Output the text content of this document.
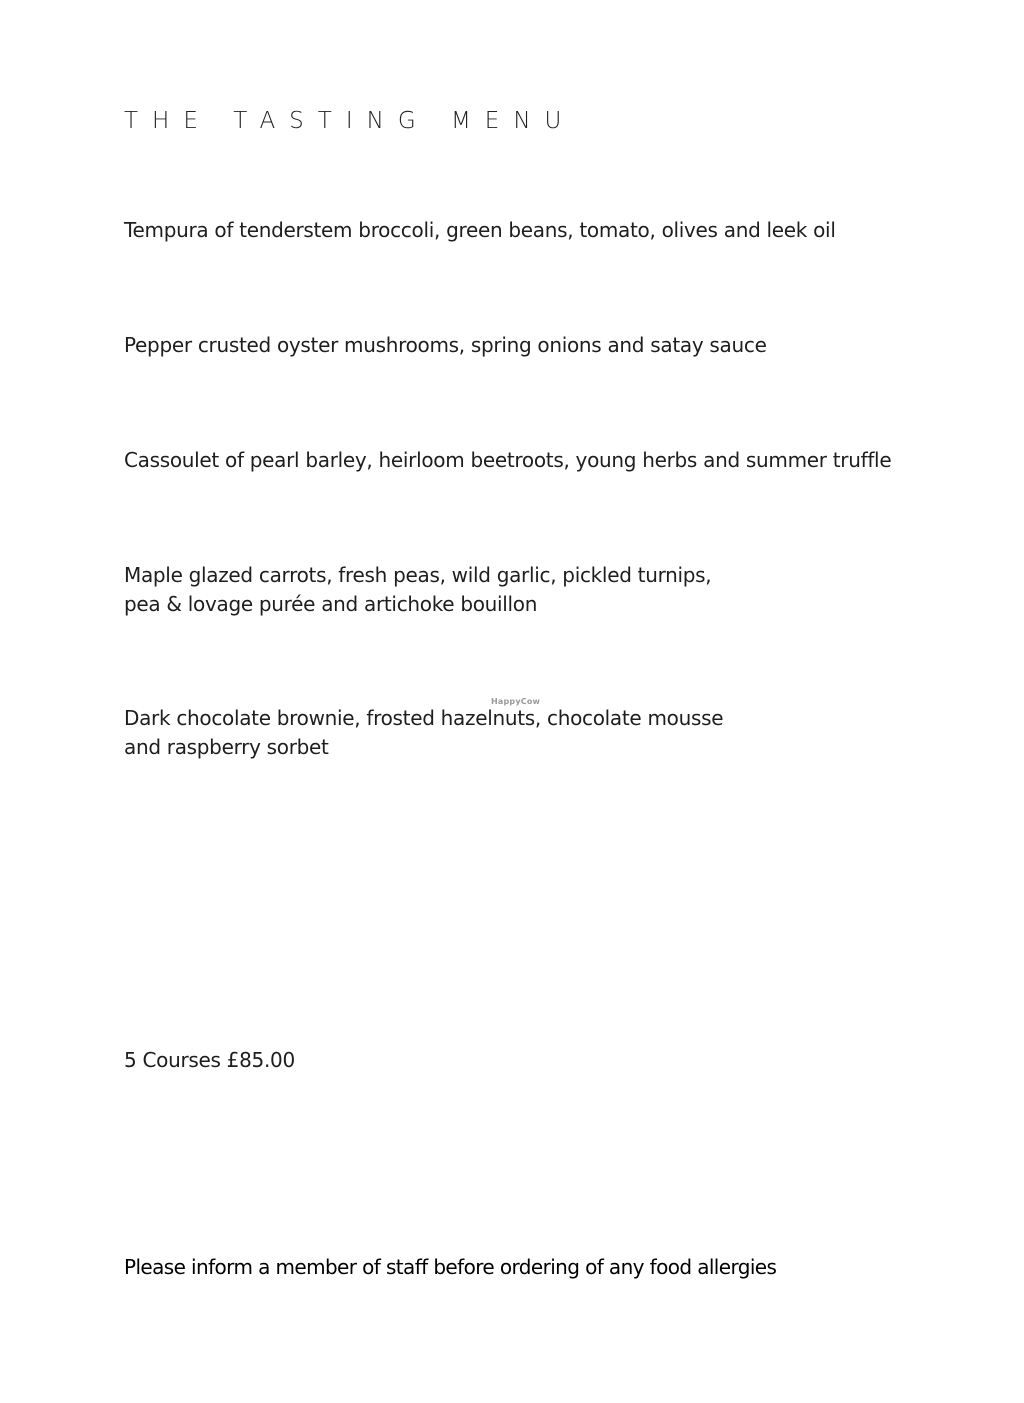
THE TASTING MENU
Tempura of tenderstem broccoli, green beans, tomato, olives and leek oil
Pepper crusted oyster mushrooms, spring onions and satay sauce
Cassoulet of pearl barley, heirloom beetroots, young herbs and summer truffle
Maple glazed carrots, fresh peas, wild garlic, pickled turnips,
pea & lovage purée and artichoke bouillon
HappyCow
Dark chocolate brownie, frosted hazelnuts, chocolate mousse
and raspberry sorbet
5 Courses £85.00
Please inform a member of staff before ordering of any food allergies
